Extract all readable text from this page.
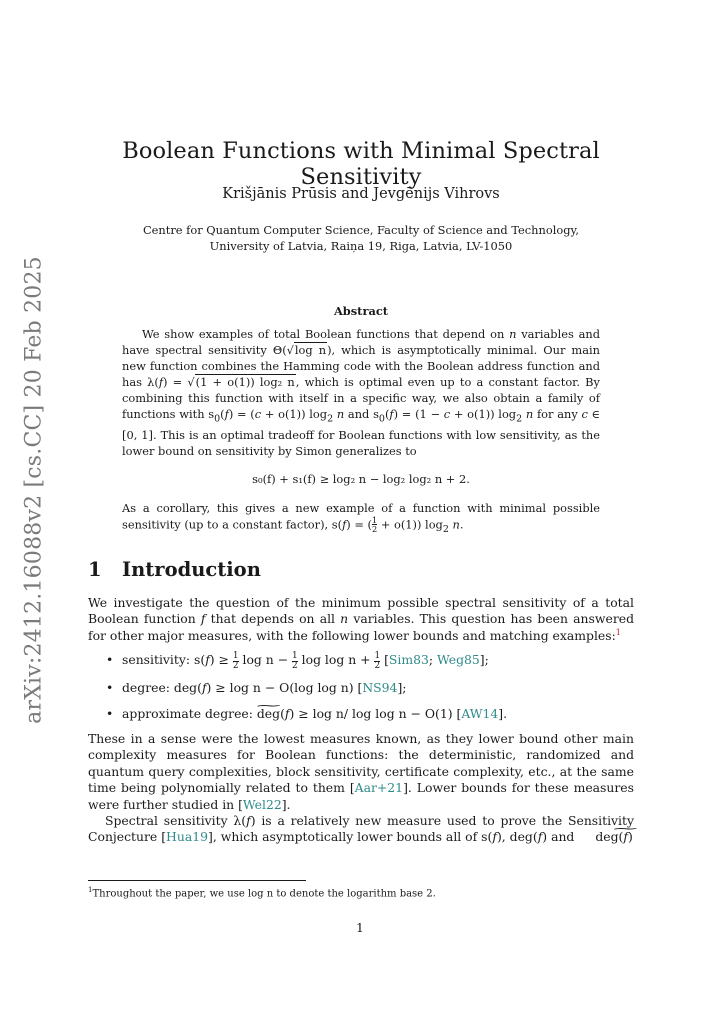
arXiv:2412.16088v2 [cs.CC] 20 Feb 2025
Boolean Functions with Minimal Spectral Sensitivity
Krišjānis Prūsis and Jevgēnijs Vihrovs
Centre for Quantum Computer Science, Faculty of Science and Technology,
University of Latvia, Raiņa 19, Riga, Latvia, LV-1050
Abstract

We show examples of total Boolean functions that depend on n variables and have spectral sensitivity Θ(√log n), which is asymptotically minimal. Our main new function combines the Hamming code with the Boolean address function and has λ(f) = √(1 + o(1)) log₂ n, which is optimal even up to a constant factor. By combining this function with itself in a specific way, we also obtain a family of functions with $s_0(f) = (c + o(1))$ $\log_2 n$ and $s_0(f) = (1 - c + o(1))$ $\log_2 n$ for any c ∈ [0, 1]. This is an optimal tradeoff for Boolean functions with low sensitivity, as the lower bound on sensitivity by Simon generalizes to

s₀(f) + s₁(f) ≥ log₂ n − log₂ log₂ n + 2.

As a corollary, this gives a new example of a function with minimal possible sensitivity (up to a constant factor), s(f) = ( $\frac{1}{2} + o(1)$) $\log_2 n$.

1 Introduction

We investigate the question of the minimum possible spectral sensitivity of a total Boolean function f that depends on all n variables. This question has been answered for other major measures, with the following lower bounds and matching examples:$^1$

• sensitivity: $s(f) \ge \frac{1}{2}$ $\log n - \frac{1}{2}$ $\log \log n + \frac{1}{2} [Sim83$; Weg85];
• degree: deg(f) ≥ log n − O(log log n) [NS94];
• approximate degree: ~ deg(f) ≥ log n/ log log n − O(1) [AW14].

These in a sense were the lowest measures known, as they lower bound other main complexity measures for Boolean functions: the deterministic, randomized and quantum query complexities, block sensitivity, certificate complexity, etc., at the same time being polynomially related to them [Aar+21]. Lower bounds for these measures were further studied in [Wel22].

Spectral sensitivity λ(f) is a relatively new measure used to prove the Sensitivity Conjecture [Hua19], which asymptotically lower bounds all of s(f), deg(f) and ~ deg(f)

$^1$Throughout the paper, we use log n to denote the logarithm base 2.
1
